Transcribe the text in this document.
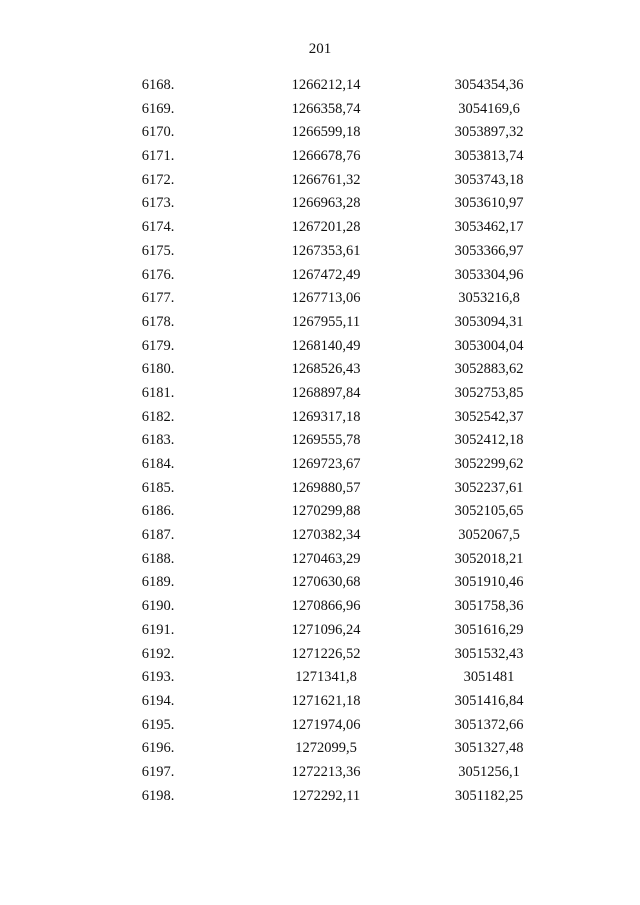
201
6168.	1266212,14	3054354,36
6169.	1266358,74	3054169,6
6170.	1266599,18	3053897,32
6171.	1266678,76	3053813,74
6172.	1266761,32	3053743,18
6173.	1266963,28	3053610,97
6174.	1267201,28	3053462,17
6175.	1267353,61	3053366,97
6176.	1267472,49	3053304,96
6177.	1267713,06	3053216,8
6178.	1267955,11	3053094,31
6179.	1268140,49	3053004,04
6180.	1268526,43	3052883,62
6181.	1268897,84	3052753,85
6182.	1269317,18	3052542,37
6183.	1269555,78	3052412,18
6184.	1269723,67	3052299,62
6185.	1269880,57	3052237,61
6186.	1270299,88	3052105,65
6187.	1270382,34	3052067,5
6188.	1270463,29	3052018,21
6189.	1270630,68	3051910,46
6190.	1270866,96	3051758,36
6191.	1271096,24	3051616,29
6192.	1271226,52	3051532,43
6193.	1271341,8	3051481
6194.	1271621,18	3051416,84
6195.	1271974,06	3051372,66
6196.	1272099,5	3051327,48
6197.	1272213,36	3051256,1
6198.	1272292,11	3051182,25
